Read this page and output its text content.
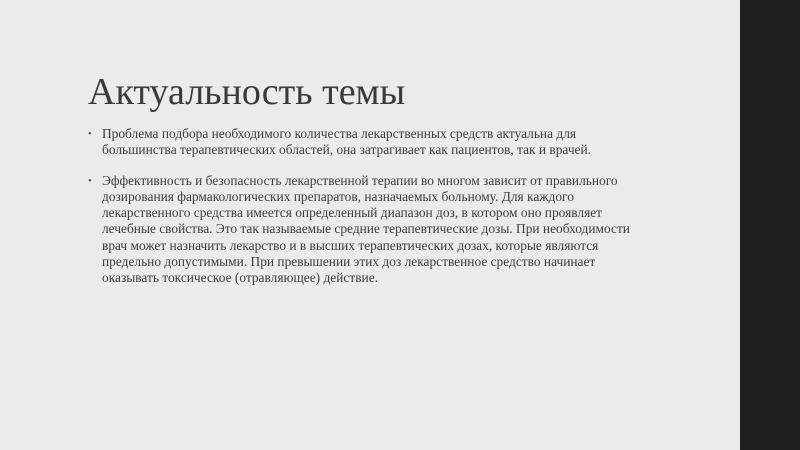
Актуальность темы
• Проблема подбора необходимого количества лекарственных средств актуальна для большинства терапевтических областей, она затрагивает как пациентов, так и врачей.
• Эффективность и безопасность лекарственной терапии во многом зависит от правильного дозирования фармакологических препаратов, назначаемых больному. Для каждого лекарственного средства имеется определенный диапазон доз, в котором оно проявляет лечебные свойства. Это так называемые средние терапевтические дозы. При необходимости врач может назначить лекарство и в высших терапевтических дозах, которые являются предельно допустимыми. При превышении этих доз лекарственное средство начинает оказывать токсическое (отравляющее) действие.
